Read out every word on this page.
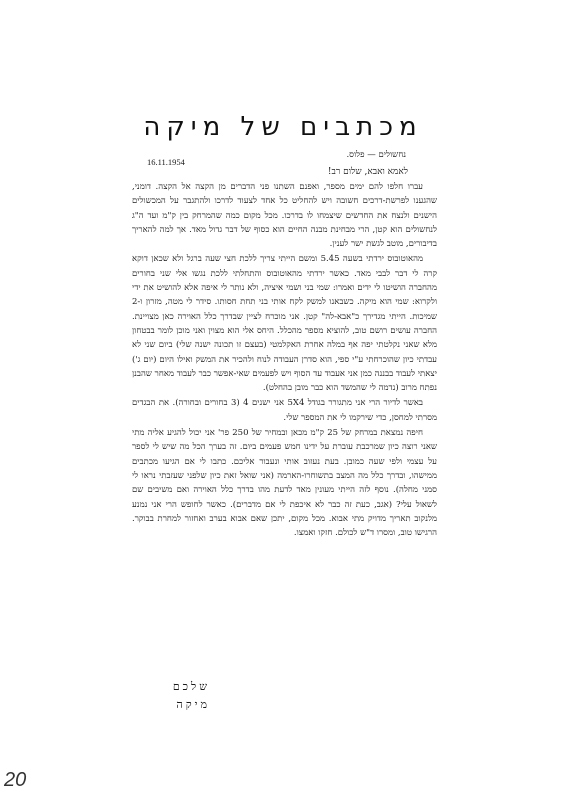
מכתבים של מיקה
נחשולים — פלוס.
16.11.1954
לאמא ואבא, שלום רב!

עברו חלפו להם ימים מספר, ואפנם השתנו פני הדברים מן הקצה אל הקצה. דומני, שהגענו לפרשת-דרכים חשובה ויש להחליט כל אחד לצעוד לדרכו ולהתגבר על המכשולים הישנים ולנצח את החדשים שיצמחו לו בדרכו. מכל מקום כמה שהמרחק בין ק"מ ועד ה"ג לנחשולים הוא קטן, הרי מבחינת מבנה החיים הוא כסוף של דבר גדול מאד. אך למה להאריך בדיבורים, מוטב לגשת ישר לענין.

מהאוטובוס ירדתי בשעה 5.45 ומשם הייתי צריך ללכת חצי שעה ברגל ולא שכאן דוקא קרה לי דבר לבבי מאד. כאשר ירדתי מהאוטובוס והתחלתי ללכת נגשו אלי שני בחורים מהחברה הושיטו לי ידים ואמרו: שמי בני ושמי איציה, ולא נותר לי איפה אלא להושיט את ידי ולקרוא: שמי הוא מיקה. כשבאנו למשק לקח אותי בני תחת חסותו. סידר לי מטה, מזרון ו-2 שמיכות. הייתי מגדירך כ"אבא-לה" קטן. אני מוכרח לציין שבדרך כלל האוירה כאן מצויינת. החברה עושים רושם טוב, להוציא מספר מהכלל. היחס אלי הוא מצוין ואני מוכן לומר בבטחון מלא שאני נקלטתי יפה אף במלה אחרת האקלמטי (בעצם זו תכונה ישנה שלי) ביום שני לא עבדתי כיון שהוכרחתי ע"י ספי, הוא סדרן העבודה לנוח ולהכיר את המשק ואילו היום (יום ג') יצאתי לעבוד בבננה כמן אני אעבוד עד הסוף ויש לפעמים שאי-אפשר כבר לעבוד מאחר שהבנן נפתח מרוב (נדמה לי שהמשד הוא כבר מובן בהחלט).

באשר לדיור הרי אני מתגורר בגודל 5X4 אני ישנים 4 (3 בחורים ובחורה). את הבגדים מסרתי למחסן, כדי שירקמו לי את המספר שלי.

חיפה נמצאת במרחק של 25 ק"מ מכאן ובמחיר של 250 פר' אני יכול להגיע אליה מתי שאני רוצה כיון שמרכבת עוברת על ידינו חמש פעמים ביום. זה בערך הכל מה שיש לי לספר על עצמי ולפי שעה כמובן. בעת נעזוב אותי ונעבור אליכם. כתבו לי אם הגיעו מכתבים ממישהו, ובדרך כלל מה המצב בתשוחרו-הארמה (אני שואל זאת כיון שלפני שעזבתי נראו לי סמני מחלה). נוסף לזה הייתי מעונין מאד לדעת מהו בדרך כלל האוירה ואם משיבים שם לשאול עלי? (אגב, כעת זה כבר לא איכפת לי אם מדברים). כאשר לחופש הרי אני נמנע מלנקוב תאריך מדויק מתי אבוא. מכל מקום, יתכן שאם אבוא בערב ואחזור למחרת בבוקר. הרגישו טוב, ומסרו ד"ש לכולם. חזקו ואמצו.

שלכם
מיקה
20
